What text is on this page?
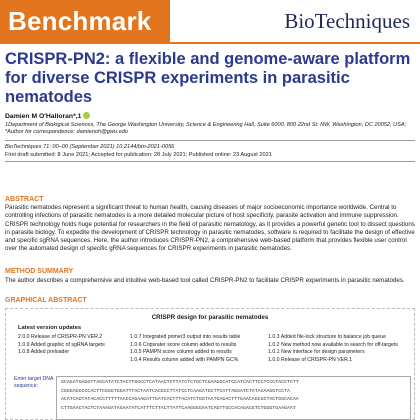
Benchmark	BioTechniques
CRISPR-PN2: a flexible and genome-aware platform for diverse CRISPR experiments in parasitic nematodes
Damien M O'Halloran*,1
1Department of Biological Sciences, The George Washington University, Science & Engineering Hall, Suite 6000, 800 22nd St. NW, Washington, DC 20052, USA; *Author for correspondence: damienoh@gwu.edu
BioTechniques 71: 00–00 (September 2021) 10.2144/btn-2021-0056
First draft submitted: 8 June 2021; Accepted for publication: 28 July 2021; Published online: 23 August 2021
ABSTRACT
Parasitic nematodes represent a significant threat to human health, causing diseases of major socioeconomic importance worldwide. Central to controlling infections of parasitic nematodes is a more detailed molecular picture of host specificity, parasite activation and immune suppression. CRISPR technology holds huge potential for researchers in the field of parasitic nematology, as it provides a powerful genetic tool to dissect questions in parasite biology. To expedite the development of CRISPR technology in parasitic nematodes, software is required to facilitate the design of effective and specific sgRNA sequences. Here, the author introduces CRISPR-PN2, a comprehensive web-based platform that provides flexible user control over the automated design of specific gRNA sequences for CRISPR experiments in parasitic nematodes.
METHOD SUMMARY
The author describes a comprehensive and intuitive web-based tool called CRISPR-PN2 to facilitate CRISPR experiments in parasitic nematodes.
GRAPHICAL ABSTRACT
CRISPR design for parasitic nematodes
Latest version updates
2.0.0 Release of CRISPR-PN VER.2
1.0.9 Added graphic of sgRNA targets
1.0.8 Added preloader
1.0.7 Integrated primer3 output into results table
1.0.6 Cripsrater score column added to results
1.0.5 PAMPN score column added to results
1.0.4 Results column added with PAMPN GC%
1.0.3 Added file-lock structure to balance job queue
1.0.2 New method now available to search for off-targets
1.0.1 New interface for design parameters
1.0.0 Release of CRISPR-PN VER.1
Enter target DNA sequence:	GCAGATGAGGTTAGCATATCTACTTGGCCTCATAACTCTTATCTCTGCTCGAAGGCATCCATCACTTCCTCCCTACCTCTT
CGGGAGGCCCACTTCGGGTGGATTTACTAATCACGCCTTATCCTCAAGATGCTTCATTAGGATCTATACAAGGTCCTA
ACATCAGTATACACCTTTTTAACCAGAAGATTGATCACTTTACATCTGGTAATGAGACTTTGAACAGCGCTACTGGCACAA
CTTGAACTACTCTAAAGATAGAATATCATTTCTTACTTATTCAAGGGGAATCAGTTGCCACAGACGTCTGGGTGAAGAAT
